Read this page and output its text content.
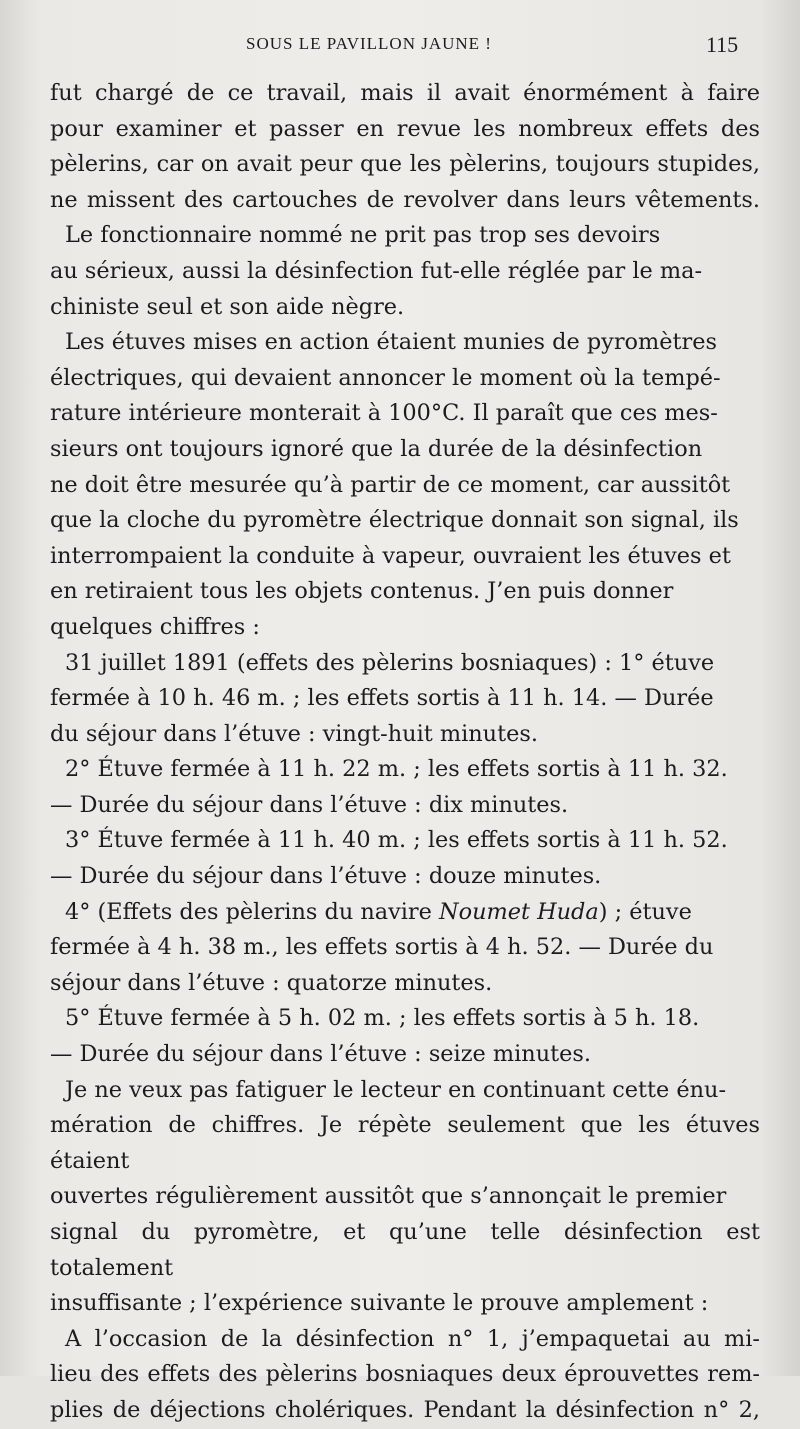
SOUS LE PAVILLON JAUNE !	115

fut chargé de ce travail, mais il avait énormément à faire
pour examiner et passer en revue les nombreux effets des
pèlerins, car on avait peur que les pèlerins, toujours stupides,
ne missent des cartouches de revolver dans leurs vêtements.

Le fonctionnaire nommé ne prit pas trop ses devoirs
au sérieux, aussi la désinfection fut-elle réglée par le ma-
chiniste seul et son aide nègre.

Les étuves mises en action étaient munies de pyromètres
électriques, qui devaient annoncer le moment où la tempé-
rature intérieure monterait à 100°C. Il paraît que ces mes-
sieurs ont toujours ignoré que la durée de la désinfection
ne doit être mesurée qu’à partir de ce moment, car aussitôt
que la cloche du pyromètre électrique donnait son signal, ils
interrompaient la conduite à vapeur, ouvraient les étuves et
en retiraient tous les objets contenus. J’en puis donner
quelques chiffres :

31 juillet 1891 (effets des pèlerins bosniaques) : 1° étuve
fermée à 10 h. 46 m. ; les effets sortis à 11 h. 14. — Durée
du séjour dans l’étuve : vingt-huit minutes.

2° Étuve fermée à 11 h. 22 m. ; les effets sortis à 11 h. 32.
— Durée du séjour dans l’étuve : dix minutes.

3° Étuve fermée à 11 h. 40 m. ; les effets sortis à 11 h. 52.
— Durée du séjour dans l’étuve : douze minutes.

4° (Effets des pèlerins du navire Noumet Huda) ; étuve
fermée à 4 h. 38 m., les effets sortis à 4 h. 52. — Durée du
séjour dans l’étuve : quatorze minutes.

5° Étuve fermée à 5 h. 02 m. ; les effets sortis à 5 h. 18.
— Durée du séjour dans l’étuve : seize minutes.

Je ne veux pas fatiguer le lecteur en continuant cette énu-
mération de chiffres. Je répète seulement que les étuves étaient
ouvertes régulièrement aussitôt que s’annonçait le premier
signal du pyromètre, et qu’une telle désinfection est totalement
insuffisante ; l’expérience suivante le prouve amplement :

A l’occasion de la désinfection n° 1, j’empaquetai au mi-
lieu des effets des pèlerins bosniaques deux éprouvettes rem-
plies de déjections cholériques. Pendant la désinfection n° 2,
